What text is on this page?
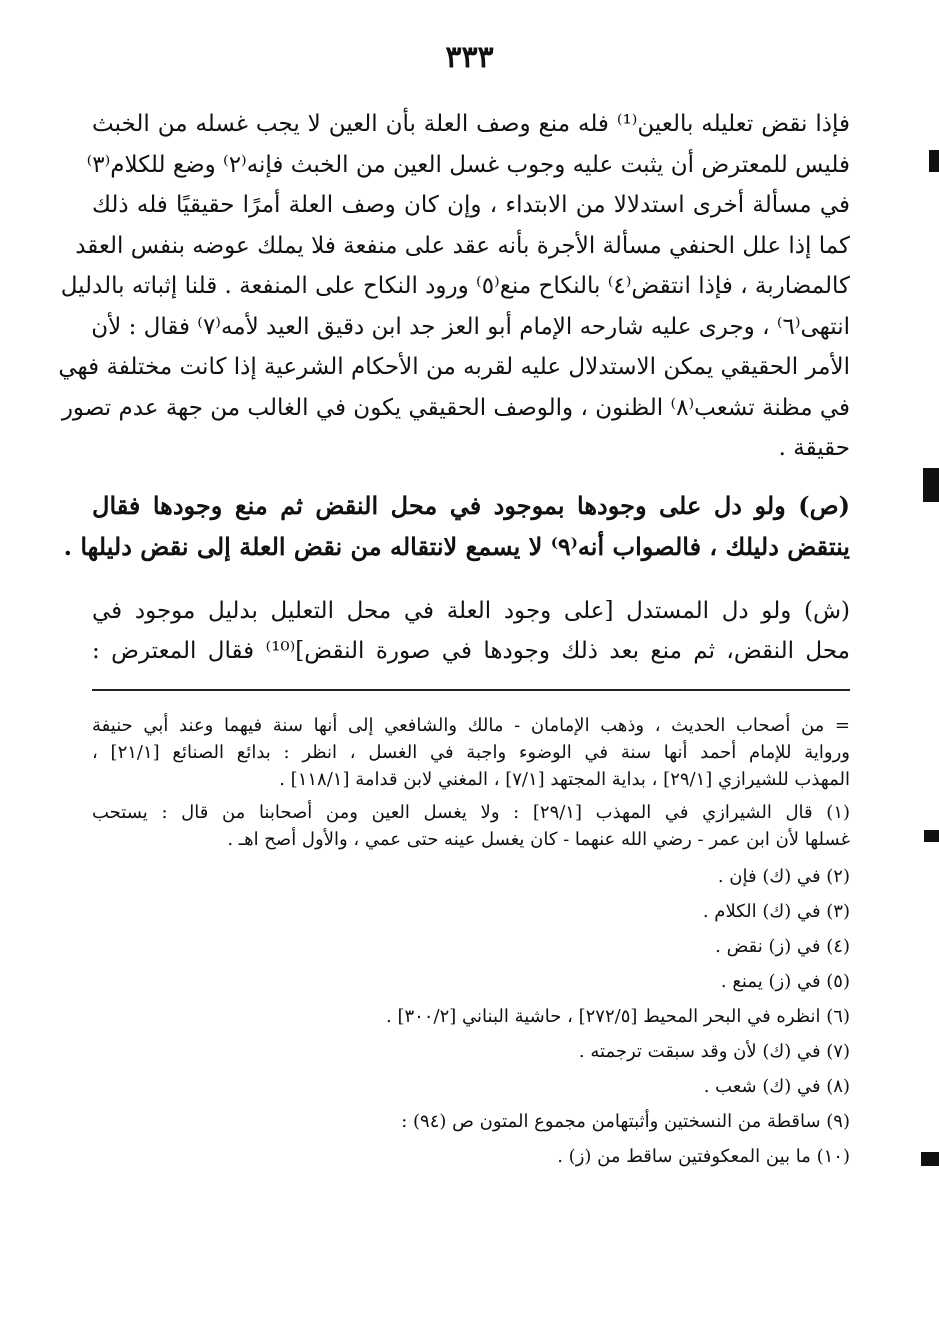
٣٣٣
فإذا نقض تعليله بالعين⁽¹⁾ فله منع وصف العلة بأن العين لا يجب غسله من الخبث
فليس للمعترض أن يثبت عليه وجوب غسل العين من الخبث فإنه⁽٢⁾ وضع للكلام⁽٣⁾
في مسألة أخرى استدلالا من الابتداء ، وإن كان وصف العلة أمرًا حقيقيًا فله ذلك
كما إذا علل الحنفي مسألة الأجرة بأنه عقد على منفعة فلا يملك عوضه بنفس العقد
كالمضاربة ، فإذا انتقض⁽٤⁾ بالنكاح منع⁽٥⁾ ورود النكاح على المنفعة . قلنا إثباته بالدليل
انتهى⁽٦⁾ ، وجرى عليه شارحه الإمام أبو العز جد ابن دقيق العيد لأمه⁽٧⁾ فقال : لأن
الأمر الحقيقي يمكن الاستدلال عليه لقربه من الأحكام الشرعية إذا كانت مختلفة فهي
في مظنة تشعب⁽٨⁾ الظنون ، والوصف الحقيقي يكون في الغالب من جهة عدم تصور
حقيقة .
(ص) ولو دل على وجودها بموجود في محل النقض ثم منع وجودها فقال
ينتقض دليلك ، فالصواب أنه⁽٩⁾ لا يسمع لانتقاله من نقض العلة إلى نقض دليلها .
(ش) ولو دل المستدل [على وجود العلة في محل التعليل بدليل موجود في
محل النقض، ثم منع بعد ذلك وجودها في صورة النقض]⁽¹⁰⁾ فقال المعترض :
= من أصحاب الحديث ، وذهب الإمامان - مالك والشافعي إلى أنها سنة فيهما وعند أبي حنيفة
ورواية للإمام أحمد أنها سنة في الوضوء واجبة في الغسل ، انظر : بدائع الصنائع [٢١/١] ،
المهذب للشيرازي [٢٩/١] ، بداية المجتهد [٧/١] ، المغني لابن قدامة [١١٨/١] .
(١) قال الشيرازي في المهذب [٢٩/١] : ولا يغسل العين ومن أصحابنا من قال : يستحب
غسلها لأن ابن عمر - رضي الله عنهما - كان يغسل عينه حتى عمي ، والأول أصح اهـ .
(٢) في (ك) فإن .
(٣) في (ك) الكلام .
(٤) في (ز) نقض .
(٥) في (ز) يمنع .
(٦) انظره في البحر المحيط [٢٧٢/٥] ، حاشية البناني [٣٠٠/٢] .
(٧) في (ك) لأن وقد سبقت ترجمته .
(٨) في (ك) شعب .
(٩) ساقطة من النسختين وأثبتهامن مجموع المتون ص (٩٤) :
(١٠) ما بين المعكوفتين ساقط من (ز) .
